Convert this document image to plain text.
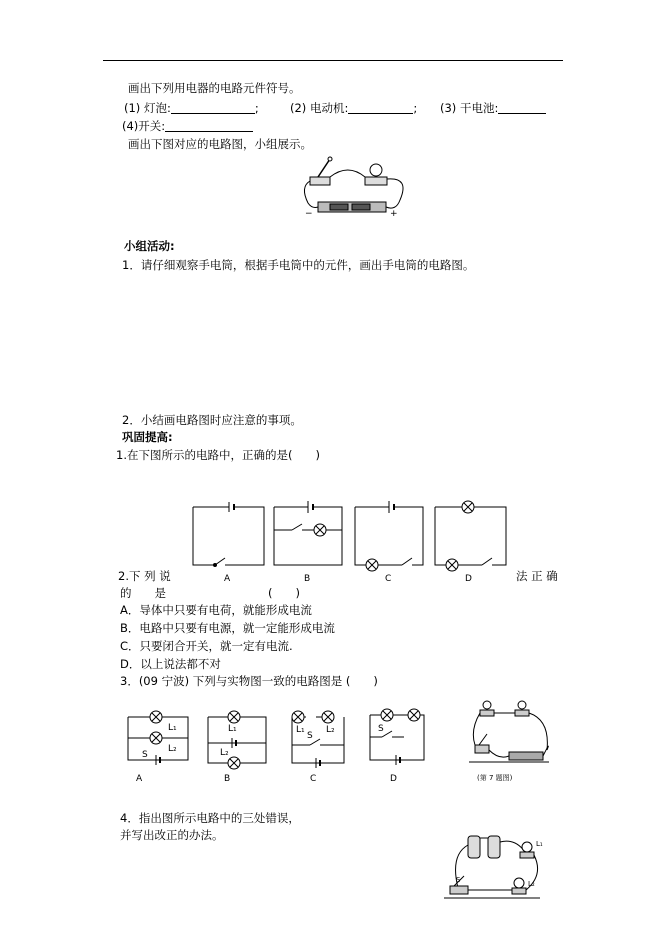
画出下列用电器的电路元件符号。
(1) 灯泡:	;	(2) 电动机:	; (3) 干电池:
(4)开关:
画出下图对应的电路图，小组展示。
−	+
小组活动:
1．请仔细观察手电筒，根据手电筒中的元件，画出手电筒的电路图。
2．小结画电路图时应注意的事项。
巩固提高:
1.在下图所示的电路中，正确的是(　　)
A	B	C	D
2.下 列 说	法 正 确
的　　是	(　　)
A．导体中只要有电荷，就能形成电流
B．电路中只要有电源，就一定能形成电流
C．只要闭合开关，就一定有电流.
D．以上说法都不对
3．(09 宁波) 下列与实物图一致的电路图是 (　　)
L₁
L₂
S
L₁
L₂
L₁ L₂
S
S
A	B	C	D	(第 7 题图)
4．指出图所示电路中的三处错误，
并写出改正的办法。
L₁
L₂
S
